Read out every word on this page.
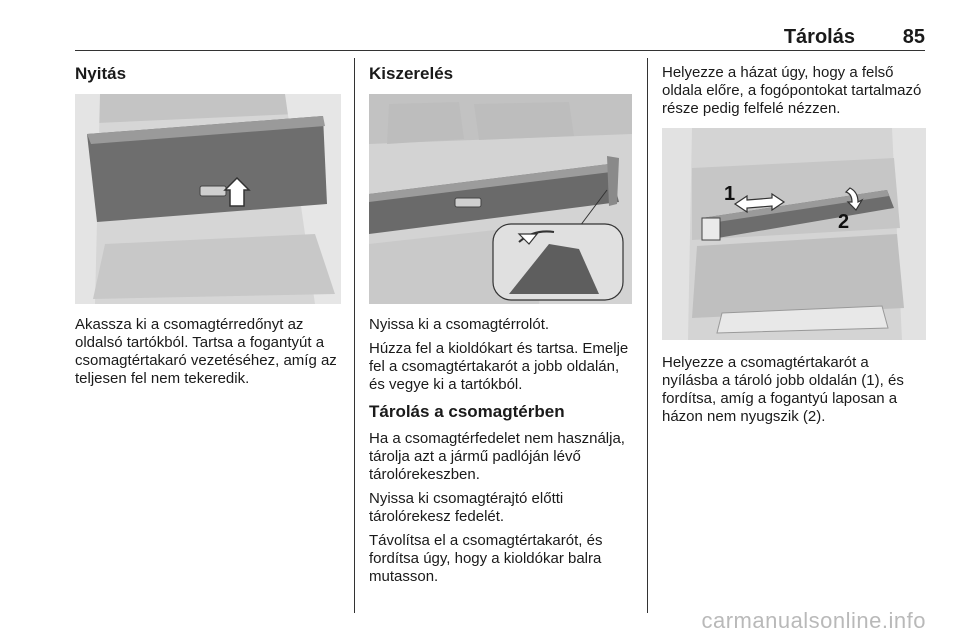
Tárolás 85
Nyitás

Akassza ki a csomagtérredőnyt az oldalsó tartókból. Tartsa a fogantyút a csomagtértakaró vezetéséhez, amíg az teljesen fel nem tekeredik.

Kiszerelés

Nyissa ki a csomagtérrolót.

Húzza fel a kioldókart és tartsa. Emelje fel a csomagtértakarót a jobb oldalán, és vegye ki a tartókból.

Tárolás a csomagtérben

Ha a csomagtérfedelet nem használja, tárolja azt a jármű padlóján lévő tárolórekeszben.

Nyissa ki csomagtérajtó előtti tárolórekesz fedelét.

Távolítsa el a csomagtértakarót, és fordítsa úgy, hogy a kioldókar balra mutasson.

Helyezze a házat úgy, hogy a felső oldala előre, a fogópontokat tartalmazó része pedig felfelé nézzen.

1
2

Helyezze a csomagtértakarót a nyílásba a tároló jobb oldalán (1), és fordítsa, amíg a fogantyú laposan a házon nem nyugszik (2).

carmanualsonline.info
